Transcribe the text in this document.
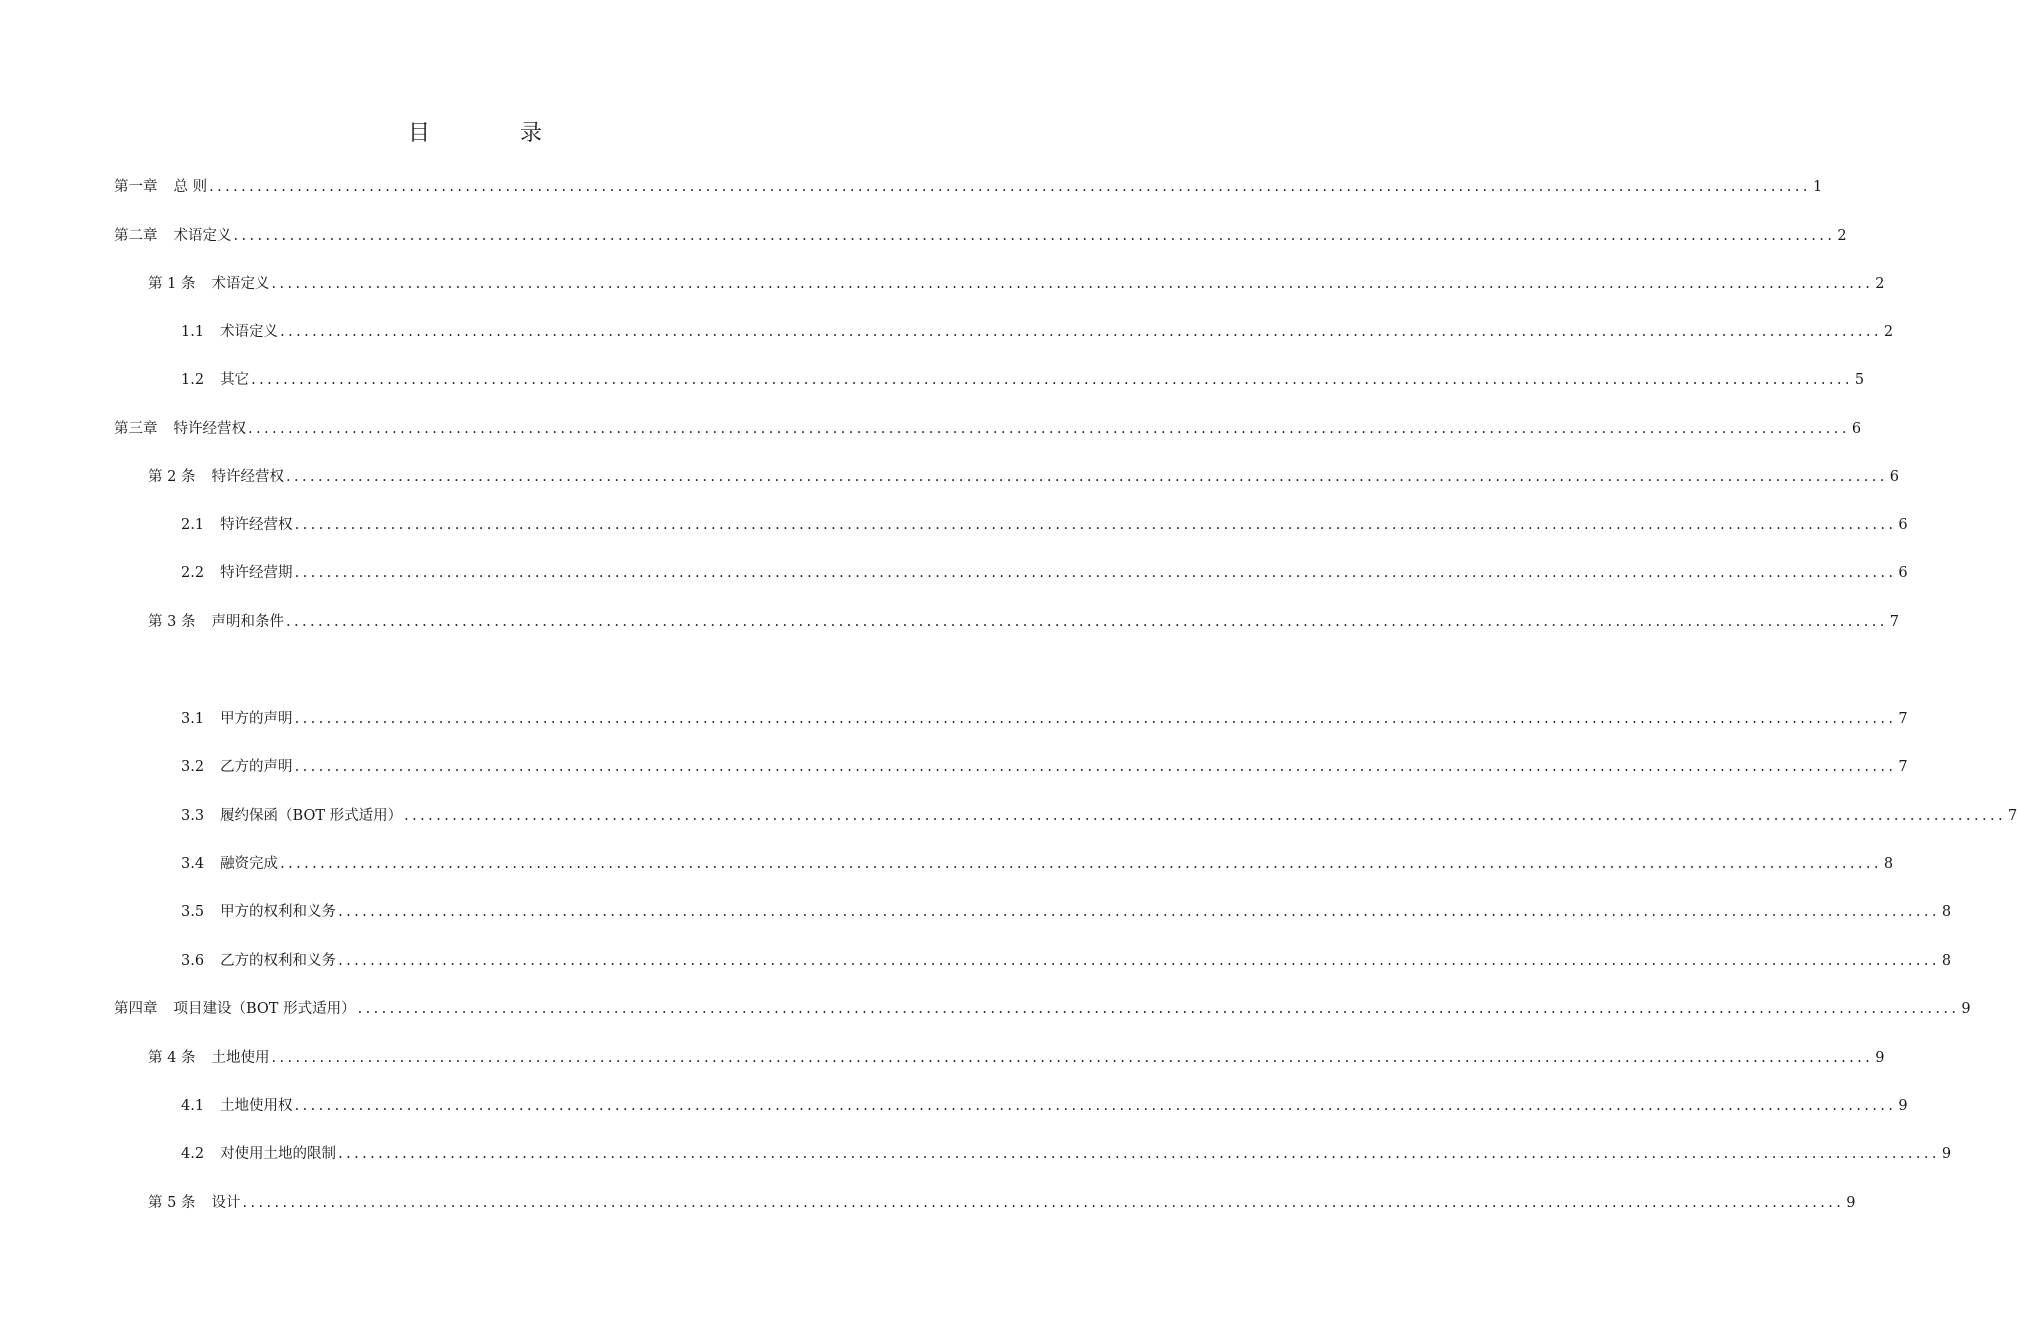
目　录
第一章 总 则 ........................................................................................................................................................................................................ 1
第二章 术语定义 ........................................................................................................................................................................................................ 2
第 1 条 术语定义 ........................................................................................................................................................................................................ 2
1.1 术语定义 ........................................................................................................................................................................................................ 2
1.2 其它 ........................................................................................................................................................................................................ 5
第三章 特许经营权 ........................................................................................................................................................................................................ 6
第 2 条 特许经营权 ........................................................................................................................................................................................................ 6
2.1 特许经营权 ........................................................................................................................................................................................................ 6
2.2 特许经营期 ........................................................................................................................................................................................................ 6
第 3 条 声明和条件 ........................................................................................................................................................................................................ 7
3.1 甲方的声明 ........................................................................................................................................................................................................ 7
3.2 乙方的声明 ........................................................................................................................................................................................................ 7
3.3 履约保函（BOT 形式适用） ........................................................................................................................................................................................................ 7
3.4 融资完成 ........................................................................................................................................................................................................ 8
3.5 甲方的权利和义务 ........................................................................................................................................................................................................ 8
3.6 乙方的权利和义务 ........................................................................................................................................................................................................ 8
第四章 项目建设（BOT 形式适用） ........................................................................................................................................................................................................ 9
第 4 条 土地使用 ........................................................................................................................................................................................................ 9
4.1 土地使用权 ........................................................................................................................................................................................................ 9
4.2 对使用土地的限制 ........................................................................................................................................................................................................ 9
第 5 条 设计 ........................................................................................................................................................................................................ 9
